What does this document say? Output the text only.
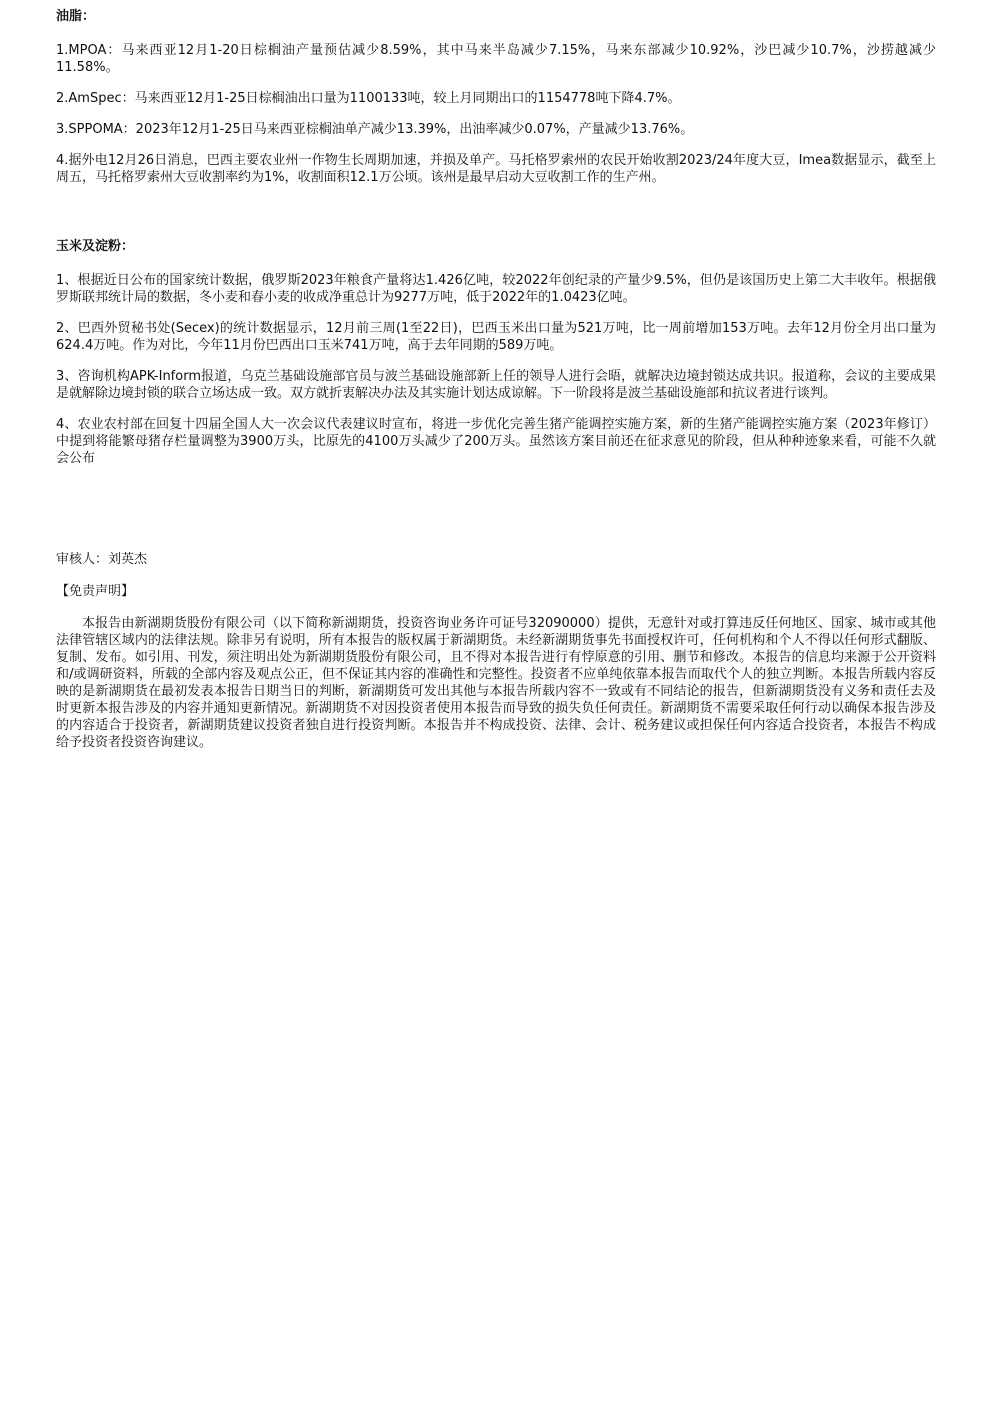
油脂：

1.MPOA：马来西亚12月1-20日棕榈油产量预估减少8.59%，其中马来半岛减少7.15%，马来东部减少10.92%，沙巴减少10.7%，沙捞越减少11.58%。

2.AmSpec：马来西亚12月1-25日棕榈油出口量为1100133吨，较上月同期出口的1154778吨下降4.7%。

3.SPPOMA：2023年12月1-25日马来西亚棕榈油单产减少13.39%，出油率减少0.07%，产量减少13.76%。

4.据外电12月26日消息，巴西主要农业州一作物生长周期加速，并损及单产。马托格罗索州的农民开始收割2023/24年度大豆，Imea数据显示，截至上周五，马托格罗索州大豆收割率约为1%，收割面积12.1万公顷。该州是最早启动大豆收割工作的生产州。

玉米及淀粉：

1、根据近日公布的国家统计数据，俄罗斯2023年粮食产量将达1.426亿吨，较2022年创纪录的产量少9.5%，但仍是该国历史上第二大丰收年。根据俄罗斯联邦统计局的数据，冬小麦和春小麦的收成净重总计为9277万吨，低于2022年的1.0423亿吨。

2、巴西外贸秘书处(Secex)的统计数据显示，12月前三周(1至22日)，巴西玉米出口量为521万吨，比一周前增加153万吨。去年12月份全月出口量为624.4万吨。作为对比，今年11月份巴西出口玉米741万吨，高于去年同期的589万吨。

3、咨询机构APK-Inform报道，乌克兰基础设施部官员与波兰基础设施部新上任的领导人进行会晤，就解决边境封锁达成共识。报道称，会议的主要成果是就解除边境封锁的联合立场达成一致。双方就折衷解决办法及其实施计划达成谅解。下一阶段将是波兰基础设施部和抗议者进行谈判。

4、农业农村部在回复十四届全国人大一次会议代表建议时宣布，将进一步优化完善生猪产能调控实施方案，新的生猪产能调控实施方案（2023年修订）中提到将能繁母猪存栏量调整为3900万头，比原先的4100万头减少了200万头。虽然该方案目前还在征求意见的阶段，但从种种迹象来看，可能不久就会公布

审核人：刘英杰

【免责声明】

本报告由新湖期货股份有限公司（以下简称新湖期货，投资咨询业务许可证号32090000）提供，无意针对或打算违反任何地区、国家、城市或其他法律管辖区域内的法律法规。除非另有说明，所有本报告的版权属于新湖期货。未经新湖期货事先书面授权许可，任何机构和个人不得以任何形式翻版、复制、发布。如引用、刊发，须注明出处为新湖期货股份有限公司，且不得对本报告进行有悖原意的引用、删节和修改。本报告的信息均来源于公开资料和/或调研资料，所载的全部内容及观点公正，但不保证其内容的准确性和完整性。投资者不应单纯依靠本报告而取代个人的独立判断。本报告所载内容反映的是新湖期货在最初发表本报告日期当日的判断，新湖期货可发出其他与本报告所载内容不一致或有不同结论的报告，但新湖期货没有义务和责任去及时更新本报告涉及的内容并通知更新情况。新湖期货不对因投资者使用本报告而导致的损失负任何责任。新湖期货不需要采取任何行动以确保本报告涉及的内容适合于投资者，新湖期货建议投资者独自进行投资判断。本报告并不构成投资、法律、会计、税务建议或担保任何内容适合投资者，本报告不构成给予投资者投资咨询建议。
